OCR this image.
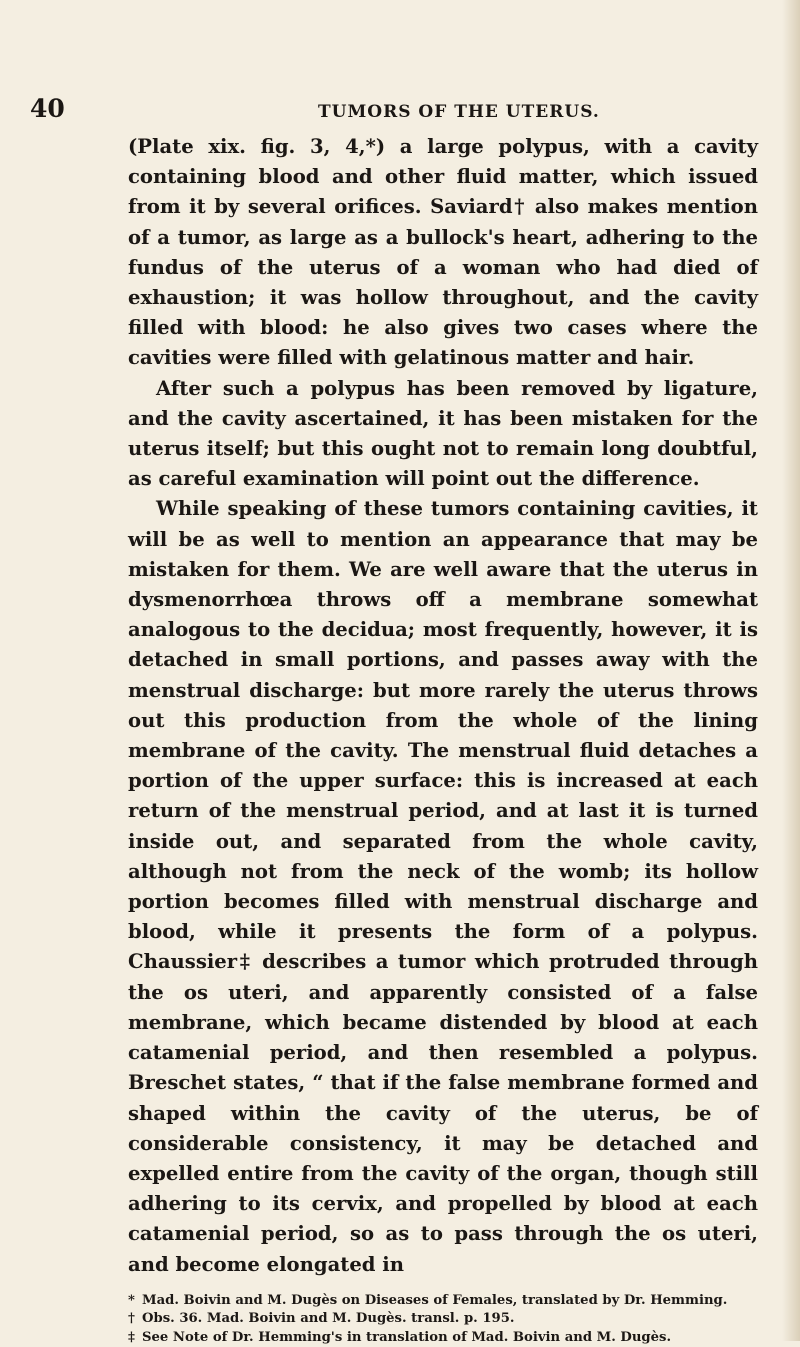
40	TUMORS OF THE UTERUS.

(Plate xix. fig. 3, 4,*) a large polypus, with a cavity containing blood and other fluid matter, which issued from it by several orifices. Saviard† also makes mention of a tumor, as large as a bullock's heart, adhering to the fundus of the uterus of a woman who had died of exhaustion; it was hollow throughout, and the cavity filled with blood: he also gives two cases where the cavities were filled with gelatinous matter and hair.

After such a polypus has been removed by ligature, and the cavity ascertained, it has been mistaken for the uterus itself; but this ought not to remain long doubtful, as careful examination will point out the difference.

While speaking of these tumors containing cavities, it will be as well to mention an appearance that may be mistaken for them. We are well aware that the uterus in dysmenorrhœa throws off a membrane somewhat analogous to the decidua; most frequently, however, it is detached in small portions, and passes away with the menstrual discharge: but more rarely the uterus throws out this production from the whole of the lining membrane of the cavity. The menstrual fluid detaches a portion of the upper surface: this is increased at each return of the menstrual period, and at last it is turned inside out, and separated from the whole cavity, although not from the neck of the womb; its hollow portion becomes filled with menstrual discharge and blood, while it presents the form of a polypus. Chaussier‡ describes a tumor which protruded through the os uteri, and apparently consisted of a false membrane, which became distended by blood at each catamenial period, and then resembled a polypus. Breschet states, “ that if the false membrane formed and shaped within the cavity of the uterus, be of considerable consistency, it may be detached and expelled entire from the cavity of the organ, though still adhering to its cervix, and propelled by blood at each catamenial period, so as to pass through the os uteri, and become elongated in

* Mad. Boivin and M. Dugès on Diseases of Females, translated by Dr. Hemming.

† Obs. 36. Mad. Boivin and M. Dugès. transl. p. 195.

‡ See Note of Dr. Hemming's in translation of Mad. Boivin and M. Dugès.
